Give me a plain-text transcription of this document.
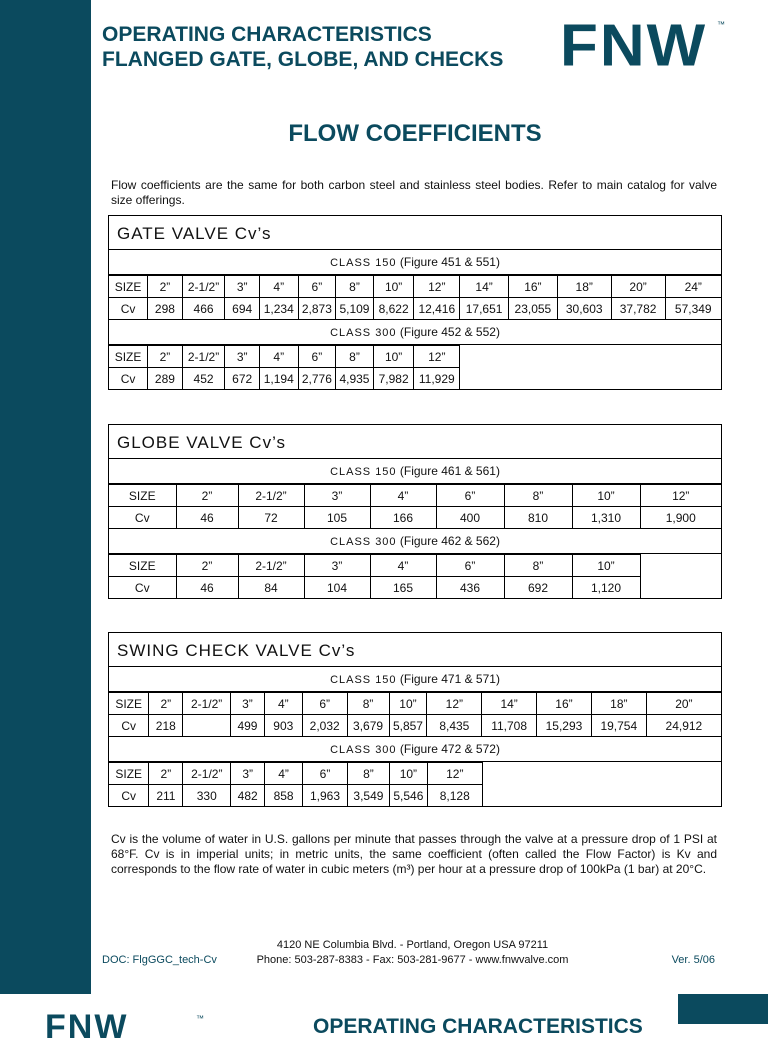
OPERATING CHARACTERISTICS
FLANGED GATE, GLOBE, AND CHECKS FNW ™
FLOW COEFFICIENTS
Flow coefficients are the same for both carbon steel and stainless steel bodies. Refer to main catalog for valve size offerings.
GATE VALVE Cv’s
CLASS 150 (Figure 451 & 551)
SIZE	2”	2-1/2”	3”	4”	6”	8”	10”	12”	14”	16”	18”	20”	24”
Cv	298	466	694	1,234	2,873	5,109	8,622	12,416	17,651	23,055	30,603	37,782	57,349
CLASS 300 (Figure 452 & 552)
SIZE	2”	2-1/2”	3”	4”	6”	8”	10”	12”	
Cv	289	452	672	1,194	2,776	4,935	7,982	11,929	
GLOBE VALVE Cv’s
CLASS 150 (Figure 461 & 561)
SIZE	2”	2-1/2”	3”	4”	6”	8”	10”	12”
Cv	46	72	105	166	400	810	1,310	1,900
CLASS 300 (Figure 462 & 562)
SIZE	2”	2-1/2”	3”	4”	6”	8”	10”	
Cv	46	84	104	165	436	692	1,120	
SWING CHECK VALVE Cv’s
CLASS 150 (Figure 471 & 571)
SIZE	2”	2-1/2”	3”	4”	6”	8”	10”	12”	14”	16”	18”	20”
Cv	218		499	903	2,032	3,679	5,857	8,435	11,708	15,293	19,754	24,912
CLASS 300 (Figure 472 & 572)
SIZE	2”	2-1/2”	3”	4”	6”	8”	10”	12”	
Cv	211	330	482	858	1,963	3,549	5,546	8,128	
Cv is the volume of water in U.S. gallons per minute that passes through the valve at a pressure drop of 1 PSI at 68°F. Cv is in imperial units; in metric units, the same coefficient (often called the Flow Factor) is Kv and corresponds to the flow rate of water in cubic meters (m³) per hour at a pressure drop of 100kPa (1 bar) at 20°C.
4120 NE Columbia Blvd. - Portland, Oregon USA 97211
Phone: 503-287-8383 - Fax: 503-281-9677 - www.fnwvalve.com
DOC: FlgGGC_tech-Cv	Ver. 5/06
FNW	™	OPERATING CHARACTERISTICS
